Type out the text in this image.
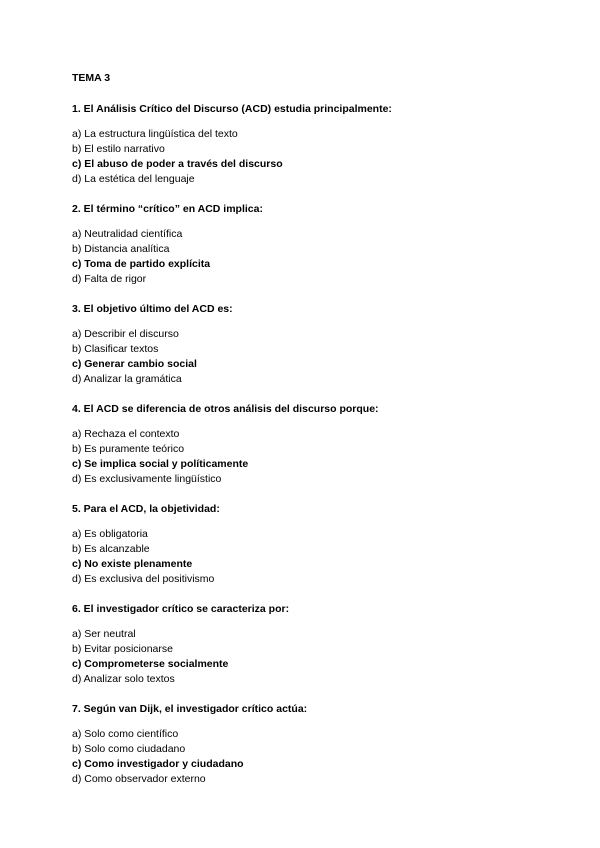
TEMA 3
1. El Análisis Crítico del Discurso (ACD) estudia principalmente:
a) La estructura lingüística del texto
b) El estilo narrativo
c) El abuso de poder a través del discurso
d) La estética del lenguaje
2. El término “crítico” en ACD implica:
a) Neutralidad científica
b) Distancia analítica
c) Toma de partido explícita
d) Falta de rigor
3. El objetivo último del ACD es:
a) Describir el discurso
b) Clasificar textos
c) Generar cambio social
d) Analizar la gramática
4. El ACD se diferencia de otros análisis del discurso porque:
a) Rechaza el contexto
b) Es puramente teórico
c) Se implica social y políticamente
d) Es exclusivamente lingüístico
5. Para el ACD, la objetividad:
a) Es obligatoria
b) Es alcanzable
c) No existe plenamente
d) Es exclusiva del positivismo
6. El investigador crítico se caracteriza por:
a) Ser neutral
b) Evitar posicionarse
c) Comprometerse socialmente
d) Analizar solo textos
7. Según van Dijk, el investigador crítico actúa:
a) Solo como científico
b) Solo como ciudadano
c) Como investigador y ciudadano
d) Como observador externo
